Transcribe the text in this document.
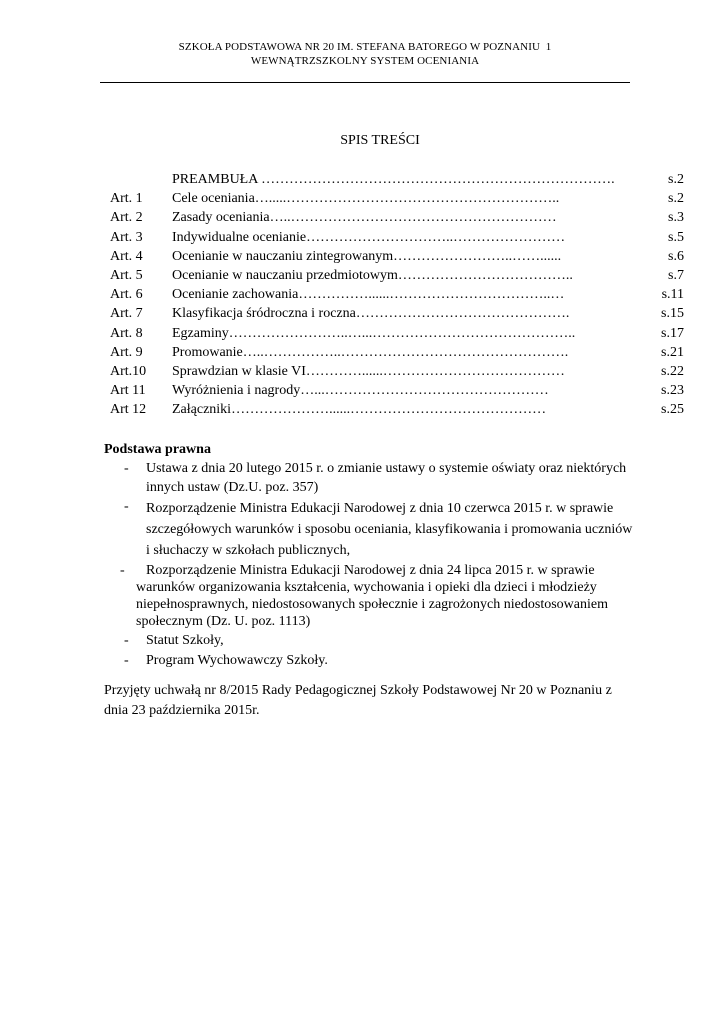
SZKOŁA PODSTAWOWA NR 20 IM. STEFANA BATOREGO W POZNANIU 1
WEWNĄTRZSZKOLNY SYSTEM OCENIANIA
SPIS TREŚCI
PREAMBUŁA ………………………………………………………………….	s.2
Art. 1	Cele oceniania….....…………………………………………………..	s.2
Art. 2	Zasady oceniania…..…………………………………………………	s.3
Art. 3	Indywidualne ocenianie…………………………..……………………	s.5
Art. 4	Ocenianie w nauczaniu zintegrowanym……………………..……......	s.6
Art. 5	Ocenianie w nauczaniu przedmiotowym………………………………..	s.7
Art. 6	Ocenianie zachowania……………......……………………………..…	s.11
Art. 7	Klasyfikacja śródroczna i roczna……………………………………….	s.15
Art. 8	Egzaminy……………………..…...……………………………………..	s.17
Art. 9	Promowanie…..……………..………………………………………….	s.21
Art.10	Sprawdzian w klasie VI…………......…………………………………	s.22
Art 11	Wyróżnienia i nagrody…...…………………………………………	s.23
Art 12	Załączniki…………………......……………………………………	s.25
Podstawa prawna
- Ustawa z dnia 20 lutego 2015 r. o zmianie ustawy o systemie oświaty oraz niektórych
innych ustaw (Dz.U. poz. 357)
- Rozporządzenie Ministra Edukacji Narodowej z dnia 10 czerwca 2015 r. w sprawie
szczegółowych warunków i sposobu oceniania, klasyfikowania i promowania uczniów
i słuchaczy w szkołach publicznych,
-	Rozporządzenie Ministra Edukacji Narodowej z dnia 24 lipca 2015 r. w sprawie
warunków organizowania kształcenia, wychowania i opieki dla dzieci i młodzieży
niepełnosprawnych, niedostosowanych społecznie i zagrożonych niedostosowaniem
społecznym (Dz. U. poz. 1113)
- Statut Szkoły,
- Program Wychowawczy Szkoły.
Przyjęty uchwałą nr 8/2015 Rady Pedagogicznej Szkoły Podstawowej Nr 20 w Poznaniu z
dnia 23 października 2015r.
